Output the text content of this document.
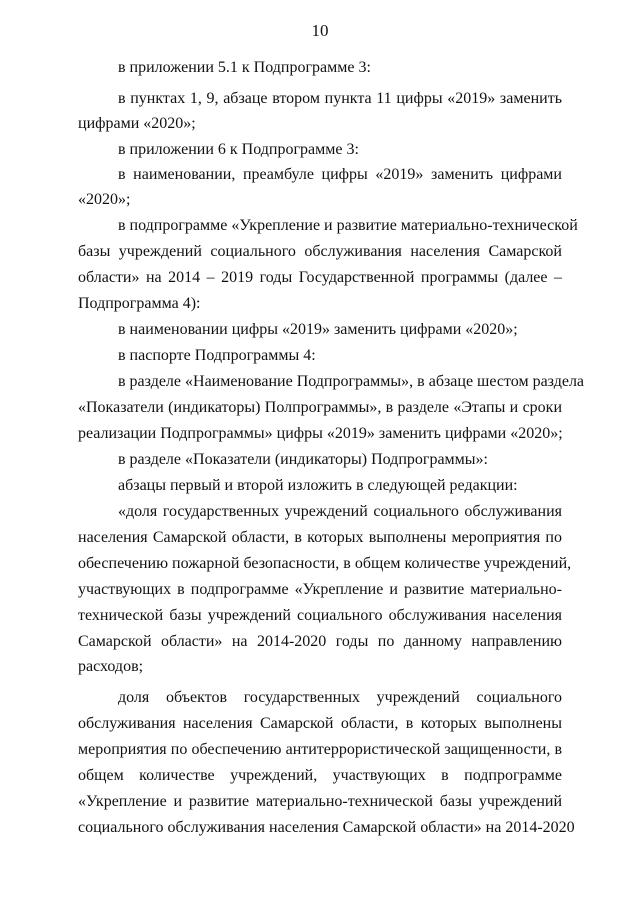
10
в приложении 5.1 к Подпрограмме 3:
в пунктах 1, 9, абзаце втором пункта 11 цифры «2019» заменить
цифрами «2020»;
в приложении 6 к Подпрограмме 3:
в наименовании, преамбуле цифры «2019» заменить цифрами
«2020»;
в подпрограмме «Укрепление и развитие материально-технической
базы учреждений социального обслуживания населения Самарской
области» на 2014 – 2019 годы Государственной программы (далее –
Подпрограмма 4):
в наименовании цифры «2019» заменить цифрами «2020»;
в паспорте Подпрограммы 4:
в разделе «Наименование Подпрограммы», в абзаце шестом раздела
«Показатели (индикаторы) Полпрограммы», в разделе «Этапы и сроки
реализации Подпрограммы» цифры «2019» заменить цифрами «2020»;
в разделе «Показатели (индикаторы) Подпрограммы»:
абзацы первый и второй изложить в следующей редакции:
«доля государственных учреждений социального обслуживания
населения Самарской области, в которых выполнены мероприятия по
обеспечению пожарной безопасности, в общем количестве учреждений,
участвующих в подпрограмме «Укрепление и развитие материально-
технической базы учреждений социального обслуживания населения
Самарской области» на 2014-2020 годы по данному направлению
расходов;
доля объектов государственных учреждений социального
обслуживания населения Самарской области, в которых выполнены
мероприятия по обеспечению антитеррористической защищенности, в
общем количестве учреждений, участвующих в подпрограмме
«Укрепление и развитие материально-технической базы учреждений
социального обслуживания населения Самарской области» на 2014-2020
